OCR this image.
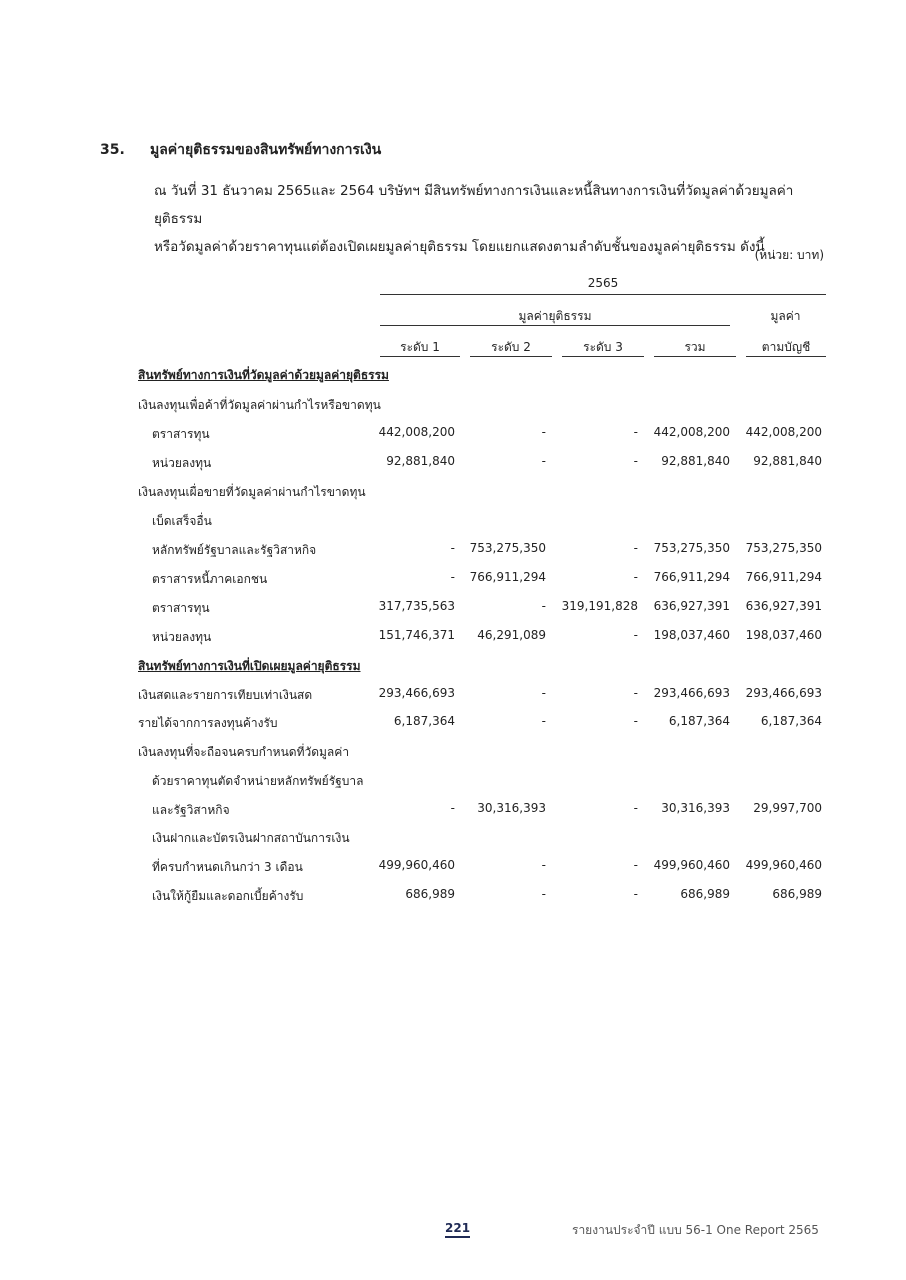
35. มูลค่ายุติธรรมของสินทรัพย์ทางการเงิน

ณ วันที่ 31 ธันวาคม 2565และ 2564 บริษัทฯ มีสินทรัพย์ทางการเงินและหนี้สินทางการเงินที่วัดมูลค่าด้วยมูลค่ายุติธรรม

หรือวัดมูลค่าด้วยราคาทุนแต่ต้องเปิดเผยมูลค่ายุติธรรม โดยแยกแสดงตามลำดับชั้นของมูลค่ายุติธรรม ดังนี้

(หน่วย: บาท)
2565
มูลค่ายุติธรรม	มูลค่า
ระดับ 1	ระดับ 2	ระดับ 3	รวม	ตามบัญชี
สินทรัพย์ทางการเงินที่วัดมูลค่าด้วยมูลค่ายุติธรรม
เงินลงทุนเพื่อค้าที่วัดมูลค่าผ่านกำไรหรือขาดทุน
ตราสารทุน	442,008,200	-	-	442,008,200	442,008,200
หน่วยลงทุน	92,881,840	-	-	92,881,840	92,881,840
เงินลงทุนเผื่อขายที่วัดมูลค่าผ่านกำไรขาดทุน
เบ็ดเสร็จอื่น
หลักทรัพย์รัฐบาลและรัฐวิสาหกิจ	-	753,275,350	-	753,275,350	753,275,350
ตราสารหนี้ภาคเอกชน	-	766,911,294	-	766,911,294	766,911,294
ตราสารทุน	317,735,563	-	319,191,828	636,927,391	636,927,391
หน่วยลงทุน	151,746,371	46,291,089	-	198,037,460	198,037,460
สินทรัพย์ทางการเงินที่เปิดเผยมูลค่ายุติธรรม
เงินสดและรายการเทียบเท่าเงินสด	293,466,693	-	-	293,466,693	293,466,693
รายได้จากการลงทุนค้างรับ	6,187,364	-	-	6,187,364	6,187,364
เงินลงทุนที่จะถือจนครบกำหนดที่วัดมูลค่า
ด้วยราคาทุนตัดจำหน่ายหลักทรัพย์รัฐบาล
และรัฐวิสาหกิจ	-	30,316,393	-	30,316,393	29,997,700
เงินฝากและบัตรเงินฝากสถาบันการเงิน
ที่ครบกำหนดเกินกว่า 3 เดือน	499,960,460	-	-	499,960,460	499,960,460
เงินให้กู้ยืมและดอกเบี้ยค้างรับ	686,989	-	-	686,989	686,989
221	รายงานประจำปี แบบ 56-1 One Report 2565
